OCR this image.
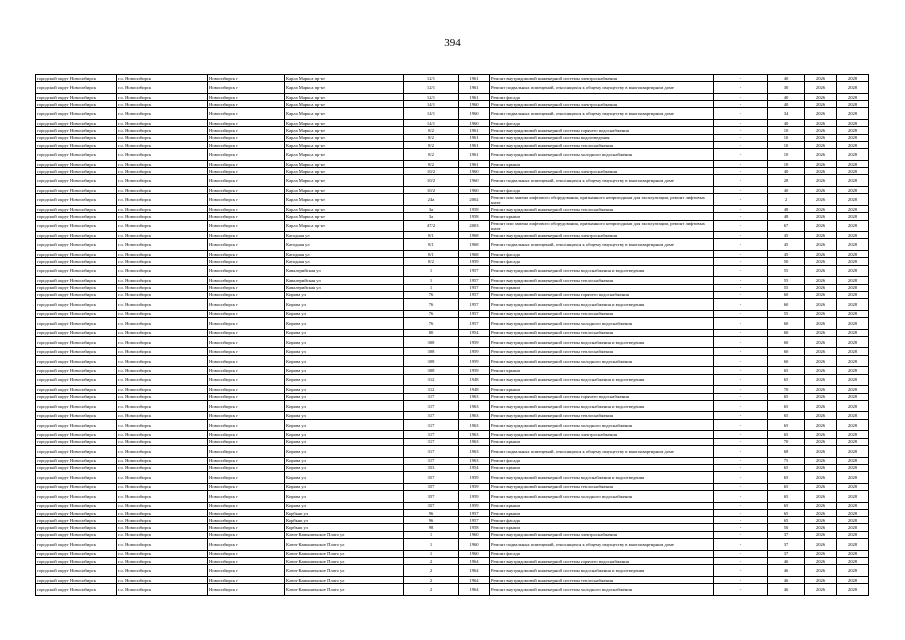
394
городской округ Новосибирск	г.о. Новосибирск	Новосибирск г	Карла Маркса пр-кт	12/1	1961	Ремонт внутридомовой инженерной системы электроснабжения	-	40	2026	2028
городской округ Новосибирск	г.о. Новосибирск	Новосибирск г	Карла Маркса пр-кт	12/1	1961	Ремонт подвальных помещений, относящихся к общему имуществу в многоквартирном доме	-	30	2026	2028
городской округ Новосибирск	г.о. Новосибирск	Новосибирск г	Карла Маркса пр-кт	12/1	1961	Ремонт фасада	-	40	2026	2028
городской округ Новосибирск	г.о. Новосибирск	Новосибирск г	Карла Маркса пр-кт	14/1	1960	Ремонт внутридомовой инженерной системы электроснабжения	-	40	2026	2028
городской округ Новосибирск	г.о. Новосибирск	Новосибирск г	Карла Маркса пр-кт	14/1	1960	Ремонт подвальных помещений, относящихся к общему имуществу в многоквартирном доме	-	34	2026	2028
городской округ Новосибирск	г.о. Новосибирск	Новосибирск г	Карла Маркса пр-кт	14/1	1960	Ремонт фасада	-	40	2026	2028
городской округ Новосибирск	г.о. Новосибирск	Новосибирск г	Карла Маркса пр-кт	8/2	1961	Ремонт внутридомовой инженерной системы горячего водоснабжения	-	10	2026	2028
городской округ Новосибирск	г.о. Новосибирск	Новосибирск г	Карла Маркса пр-кт	8/2	1961	Ремонт внутридомовой инженерной системы водоотведения	-	10	2026	2028
городской округ Новосибирск	г.о. Новосибирск	Новосибирск г	Карла Маркса пр-кт	8/2	1961	Ремонт внутридомовой инженерной системы теплоснабжения	-	10	2026	2028
городской округ Новосибирск	г.о. Новосибирск	Новосибирск г	Карла Маркса пр-кт	8/2	1961	Ремонт внутридомовой инженерной системы холодного водоснабжения	-	10	2026	2028
городской округ Новосибирск	г.о. Новосибирск	Новосибирск г	Карла Маркса пр-кт	8/2	1961	Ремонт крыши	-	10	2026	2028
городской округ Новосибирск	г.о. Новосибирск	Новосибирск г	Карла Маркса пр-кт	10/2	1960	Ремонт внутридомовой инженерной системы электроснабжения	-	40	2026	2028
городской округ Новосибирск	г.о. Новосибирск	Новосибирск г	Карла Маркса пр-кт	10/2	1960	Ремонт подвальных помещений, относящихся к общему имуществу в многоквартирном доме	-	28	2026	2028
городской округ Новосибирск	г.о. Новосибирск	Новосибирск г	Карла Маркса пр-кт	10/2	1960	Ремонт фасада	-	40	2026	2028
городской округ Новосибирск	г.о. Новосибирск	Новосибирск г	Карла Маркса пр-кт	24а	2002	Ремонт или замена лифтового оборудования, признанного непригодным для эксплуатации, ремонт лифтовых шахт	-	2	2026	2028
городской округ Новосибирск	г.о. Новосибирск	Новосибирск г	Карла Маркса пр-кт	3а	1958	Ремонт внутридомовой инженерной системы теплоснабжения	-	48	2026	2028
городской округ Новосибирск	г.о. Новосибирск	Новосибирск г	Карла Маркса пр-кт	3а	1958	Ремонт крыши	-	48	2026	2028
городской округ Новосибирск	г.о. Новосибирск	Новосибирск г	Карла Маркса пр-кт	47/2	2003	Ремонт или замена лифтового оборудования, признанного непригодным для эксплуатации, ремонт лифтовых шахт	-	67	2026	2028
городской округ Новосибирск	г.о. Новосибирск	Новосибирск г	Катодная ул	8/1	1968	Ремонт внутридомовой инженерной системы электроснабжения	-	45	2026	2028
городской округ Новосибирск	г.о. Новосибирск	Новосибирск г	Катодная ул	8/1	1968	Ремонт подвальных помещений, относящихся к общему имуществу в многоквартирном доме	-	45	2026	2028
городской округ Новосибирск	г.о. Новосибирск	Новосибирск г	Катодная ул	8/1	1968	Ремонт фасада	-	45	2026	2028
городской округ Новосибирск	г.о. Новосибирск	Новосибирск г	Катодная ул	8/2	1959	Ремонт фасада	-	50	2026	2028
городской округ Новосибирск	г.о. Новосибирск	Новосибирск г	Кавалерийская ул	1	1957	Ремонт внутридомовой инженерной системы водоснабжения и водоотведения	-	55	2026	2028
городской округ Новосибирск	г.о. Новосибирск	Новосибирск г	Кавалерийская ул	1	1957	Ремонт внутридомовой инженерной системы теплоснабжения	-	55	2026	2028
городской округ Новосибирск	г.о. Новосибирск	Новосибирск г	Кавалерийская ул	1	1957	Ремонт крыши	-	55	2026	2028
городской округ Новосибирск	г.о. Новосибирск	Новосибирск г	Кирова ул	76	1957	Ремонт внутридомовой инженерной системы горячего водоснабжения	-	60	2026	2028
городской округ Новосибирск	г.о. Новосибирск	Новосибирск г	Кирова ул	76	1957	Ремонт внутридомовой инженерной системы водоснабжения и водоотведения	-	60	2026	2028
городской округ Новосибирск	г.о. Новосибирск	Новосибирск г	Кирова ул	76	1957	Ремонт внутридомовой инженерной системы теплоснабжения	-	55	2026	2028
городской округ Новосибирск	г.о. Новосибирск	Новосибирск г	Кирова ул	76	1957	Ремонт внутридомовой инженерной системы холодного водоснабжения	-	60	2026	2028
городской округ Новосибирск	г.о. Новосибирск	Новосибирск г	Кирова ул	80	1954	Ремонт внутридомовой инженерной системы теплоснабжения	-	60	2026	2028
городской округ Новосибирск	г.о. Новосибирск	Новосибирск г	Кирова ул	308	1959	Ремонт внутридомовой инженерной системы водоснабжения и водоотведения	-	60	2026	2028
городской округ Новосибирск	г.о. Новосибирск	Новосибирск г	Кирова ул	308	1959	Ремонт внутридомовой инженерной системы теплоснабжения	-	60	2026	2028
городской округ Новосибирск	г.о. Новосибирск	Новосибирск г	Кирова ул	308	1959	Ремонт внутридомовой инженерной системы холодного водоснабжения	-	60	2026	2028
городской округ Новосибирск	г.о. Новосибирск	Новосибирск г	Кирова ул	308	1959	Ремонт крыши	-	65	2026	2028
городской округ Новосибирск	г.о. Новосибирск	Новосибирск г	Кирова ул	312	1948	Ремонт внутридомовой инженерной системы водоснабжения и водоотведения	-	65	2026	2028
городской округ Новосибирск	г.о. Новосибирск	Новосибирск г	Кирова ул	312	1948	Ремонт крыши	-	70	2026	2028
городской округ Новосибирск	г.о. Новосибирск	Новосибирск г	Кирова ул	317	1963	Ремонт внутридомовой инженерной системы горячего водоснабжения	-	65	2026	2028
городской округ Новосибирск	г.о. Новосибирск	Новосибирск г	Кирова ул	317	1963	Ремонт внутридомовой инженерной системы водоснабжения и водоотведения	-	65	2026	2028
городской округ Новосибирск	г.о. Новосибирск	Новосибирск г	Кирова ул	317	1963	Ремонт внутридомовой инженерной системы теплоснабжения	-	65	2026	2028
городской округ Новосибирск	г.о. Новосибирск	Новосибирск г	Кирова ул	317	1963	Ремонт внутридомовой инженерной системы холодного водоснабжения	-	65	2026	2028
городской округ Новосибирск	г.о. Новосибирск	Новосибирск г	Кирова ул	317	1963	Ремонт внутридомовой инженерной системы электроснабжения	-	65	2026	2028
городской округ Новосибирск	г.о. Новосибирск	Новосибирск г	Кирова ул	317	1963	Ремонт крыши	-	70	2026	2028
городской округ Новосибирск	г.о. Новосибирск	Новосибирск г	Кирова ул	317	1963	Ремонт подвальных помещений, относящихся к общему имуществу в многоквартирном доме	-	68	2026	2028
городской округ Новосибирск	г.о. Новосибирск	Новосибирск г	Кирова ул	317	1963	Ремонт фасада	-	75	2026	2028
городской округ Новосибирск	г.о. Новосибирск	Новосибирск г	Кирова ул	353	1954	Ремонт крыши	-	65	2026	2028
городской округ Новосибирск	г.о. Новосибирск	Новосибирск г	Кирова ул	357	1959	Ремонт внутридомовой инженерной системы водоснабжения и водоотведения	-	65	2026	2028
городской округ Новосибирск	г.о. Новосибирск	Новосибирск г	Кирова ул	357	1959	Ремонт внутридомовой инженерной системы теплоснабжения	-	65	2026	2028
городской округ Новосибирск	г.о. Новосибирск	Новосибирск г	Кирова ул	357	1959	Ремонт внутридомовой инженерной системы холодного водоснабжения	-	65	2026	2028
городской округ Новосибирск	г.о. Новосибирск	Новосибирск г	Кирова ул	357	1959	Ремонт крыши	-	65	2026	2028
городской округ Новосибирск	г.о. Новосибирск	Новосибирск г	Корбыш ул	96	1957	Ремонт крыши	-	65	2026	2028
городской округ Новосибирск	г.о. Новосибирск	Новосибирск г	Корбыш ул	96	1957	Ремонт фасада	-	65	2026	2028
городской округ Новосибирск	г.о. Новосибирск	Новосибирск г	Корбыш ул	98	1958	Ремонт крыши	-	50	2026	2028
городской округ Новосибирск	г.о. Новосибирск	Новосибирск г	Ключ-Камышенское Плато ул	1	1960	Ремонт внутридомовой инженерной системы электроснабжения	-	37	2026	2028
городской округ Новосибирск	г.о. Новосибирск	Новосибирск г	Ключ-Камышенское Плато ул	1	1960	Ремонт подвальных помещений, относящихся к общему имуществу в многоквартирном доме	-	37	2026	2028
городской округ Новосибирск	г.о. Новосибирск	Новосибирск г	Ключ-Камышенское Плато ул	1	1960	Ремонт фасада	-	37	2026	2028
городской округ Новосибирск	г.о. Новосибирск	Новосибирск г	Ключ-Камышенское Плато ул	2	1964	Ремонт внутридомовой инженерной системы горячего водоснабжения	-	46	2026	2028
городской округ Новосибирск	г.о. Новосибирск	Новосибирск г	Ключ-Камышенское Плато ул	2	1964	Ремонт внутридомовой инженерной системы водоснабжения и водоотведения	-	46	2026	2028
городской округ Новосибирск	г.о. Новосибирск	Новосибирск г	Ключ-Камышенское Плато ул	2	1964	Ремонт внутридомовой инженерной системы теплоснабжения	-	46	2026	2028
городской округ Новосибирск	г.о. Новосибирск	Новосибирск г	Ключ-Камышенское Плато ул	2	1964	Ремонт внутридомовой инженерной системы холодного водоснабжения	-	46	2026	2028
